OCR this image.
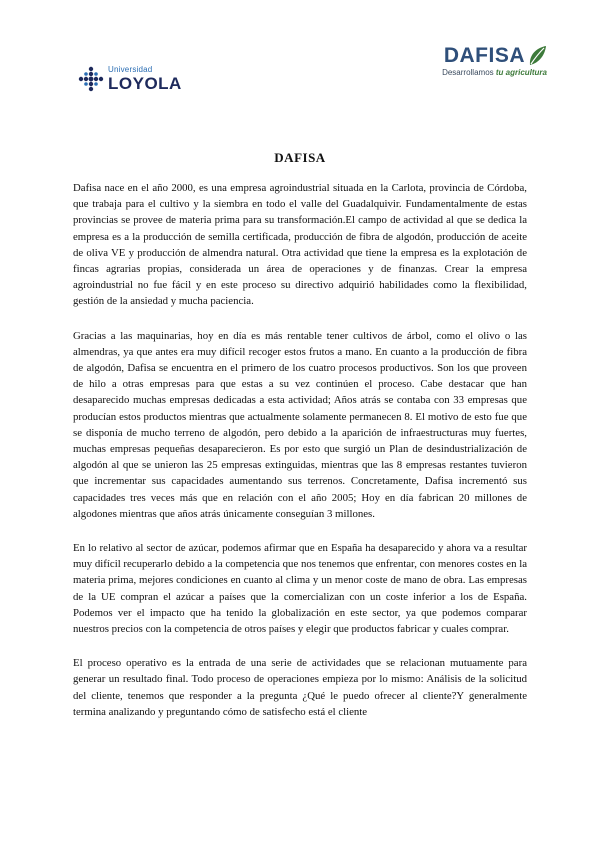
Universidad
LOYOLA
DAFISA
Desarrollamos tu agricultura
DAFISA

Dafisa nace en el año 2000, es una empresa agroindustrial situada en la Carlota, provincia de Córdoba, que trabaja para el cultivo y la siembra en todo el valle del Guadalquivir. Fundamentalmente de estas provincias se provee de materia prima para su transformación.El campo de actividad al que se dedica la empresa es a la producción de semilla certificada, producción de fibra de algodón, producción de aceite de oliva VE y producción de almendra natural. Otra actividad que tiene la empresa es la explotación de fincas agrarias propias, considerada un área de operaciones y de finanzas. Crear la empresa agroindustrial no fue fácil y en este proceso su directivo adquirió habilidades como la flexibilidad, gestión de la ansiedad y mucha paciencia.

Gracias a las maquinarias, hoy en día es más rentable tener cultivos de árbol, como el olivo o las almendras, ya que antes era muy difícil recoger estos frutos a mano. En cuanto a la producción de fibra de algodón, Dafisa se encuentra en el primero de los cuatro procesos productivos. Son los que proveen de hilo a otras empresas para que estas a su vez continúen el proceso. Cabe destacar que han desaparecido muchas empresas dedicadas a esta actividad; Años atrás se contaba con 33 empresas que producían estos productos mientras que actualmente solamente permanecen 8. El motivo de esto fue que se disponía de mucho terreno de algodón, pero debido a la aparición de infraestructuras muy fuertes, muchas empresas pequeñas desaparecieron. Es por esto que surgió un Plan de desindustrialización de algodón al que se unieron las 25 empresas extinguidas, mientras que las 8 empresas restantes tuvieron que incrementar sus capacidades aumentando sus terrenos. Concretamente, Dafisa incrementó sus capacidades tres veces más que en relación con el año 2005; Hoy en día fabrican 20 millones de algodones mientras que años atrás únicamente conseguían 3 millones.

En lo relativo al sector de azúcar, podemos afirmar que en España ha desaparecido y ahora va a resultar muy difícil recuperarlo debido a la competencia que nos tenemos que enfrentar, con menores costes en la materia prima, mejores condiciones en cuanto al clima y un menor coste de mano de obra. Las empresas de la UE compran el azúcar a países que la comercializan con un coste inferior a los de España. Podemos ver el impacto que ha tenido la globalización en este sector, ya que podemos comparar nuestros precios con la competencia de otros países y elegir que productos fabricar y cuales comprar.

El proceso operativo es la entrada de una serie de actividades que se relacionan mutuamente para generar un resultado final. Todo proceso de operaciones empieza por lo mismo: Análisis de la solicitud del cliente, tenemos que responder a la pregunta ¿Qué le puedo ofrecer al cliente?Y generalmente termina analizando y preguntando cómo de satisfecho está el cliente
